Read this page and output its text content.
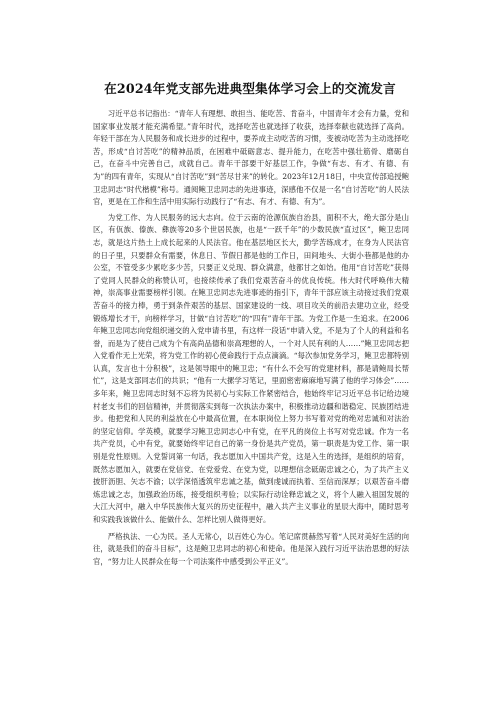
在2024年党支部先进典型集体学习会上的交流发言

习近平总书记指出：“青年人有理想、敢担当、能吃苦、肯奋斗，中国青年才会有力量，党和国家事业发展才能充满希望。”青年时代，选择吃苦也就选择了收获，选择奉献也就选择了高尚。年轻干部在为人民服务和成长进步的过程中，要养成主动吃苦的习惯，变被动吃苦为主动选择吃苦，形成“自讨苦吃”的精神品质，在困难中砥砺意志、提升能力，在吃苦中强壮筋骨、磨砺自己，在奋斗中完善自己，成就自己。青年干部要干好基层工作，争做“有志、有才、有德、有为”的四有青年，实现从“自讨苦吃”到“苦尽甘来”的转化。2023年12月18日，中央宣传部追授鲍卫忠同志“时代楷模”称号。通阅鲍卫忠同志的先进事迹，深感他不仅是一名“自讨苦吃”的人民法官，更是在工作和生活中用实际行动践行了“有志、有才、有德、有为”。

为党工作、为人民服务的远大志向。位于云南的沧源佤族自治县，面积不大，绝大部分是山区，有佤族、傣族、彝族等20多个世居民族，也是“一跃千年”的少数民族“直过区”，鲍卫忠同志，就是这片热土上成长起来的人民法官。他在基层地区长大，勤学苦练成才，在身为人民法官的日子里，只要群众有需要，休息日、节假日都是他的工作日，田间地头、大街小巷都是他的办公室，不管受多少累吃多少苦，只要正义兑现、群众满意，他都甘之如饴。他用“自讨苦吃”获得了党同人民群众的称赞认可，也接续传承了我们党艰苦奋斗的优良传统。伟大时代呼唤伟大精神，崇高事业需要榜样引领。在鲍卫忠同志先进事迹的指引下，青年干部应该主动接过我们党艰苦奋斗的接力棒，勇于到条件艰苦的基层、国家建设的一线、项目攻关的前沿去建功立业，经受锻炼增长才干，向榜样学习，甘做“自讨苦吃”的“四有”青年干部。为党工作是一生追求。在2006年鲍卫忠同志向党组织递交的入党申请书里，有这样一段话“申请入党，不是为了个人的利益和名誉，而是为了使自己成为个有高尚品德和崇高理想的人，一个对人民有利的人……”鲍卫忠同志把入党看作无上光荣，将为党工作的初心使命践行于点点滴滴。“每次参加党务学习，鲍卫忠都特别认真，发言也十分积极”，这是领导眼中的鲍卫忠；“有什么不会写的党建材料，都是请鲍局长帮忙”，这是支部同志们的共识；“他有一大摞学习笔记，里面密密麻麻地写满了他的学习体会”……多年来，鲍卫忠同志时刻不忘将为民初心与实际工作紧密结合，他始终牢记习近平总书记给边境村老支书们的回信精神，并贯彻落实到每一次执法办案中，积极推动边疆和谐稳定、民族团结进步。他把党和人民的利益放在心中最高位置，在本职岗位上努力书写着对党的绝对忠诚和对法治的坚定信仰。学英模，就要学习鲍卫忠同志心中有党，在平凡的岗位上书写对党忠诚。作为一名共产党员，心中有党，就要始终牢记自己的第一身份是共产党员，第一职责是为党工作、第一职别是党性原则。入党誓词第一句话，我志愿加入中国共产党，这是入生的选择，是组织的培育，既然志愿加入，就要在党信党、在党爱党、在党为党，以理想信念砥砺忠诚之心，为了共产主义披肝沥胆、矢志不渝；以学深悟透筑牢忠诚之基，做到虔诚而执着、至信而深厚；以艰苦奋斗磨炼忠诚之志，加强政治历练，接受组织考验；以实际行动诠释忠诚之义，将个人融入祖国发展的大江大河中，融入中华民族伟大复兴的历史征程中，融入共产主义事业的星辰大海中，随时思考和实践我该做什么、能做什么、怎样比别人做得更好。

严格执法、一心为民。圣人无常心，以百姓心为心。笔记席贯赫然写着“人民对美好生活的向往，就是我们的奋斗目标”，这是鲍卫忠同志的初心和使命。他是深入践行习近平法治思想的好法官，“努力让人民群众在每一个司法案件中感受到公平正义”。
